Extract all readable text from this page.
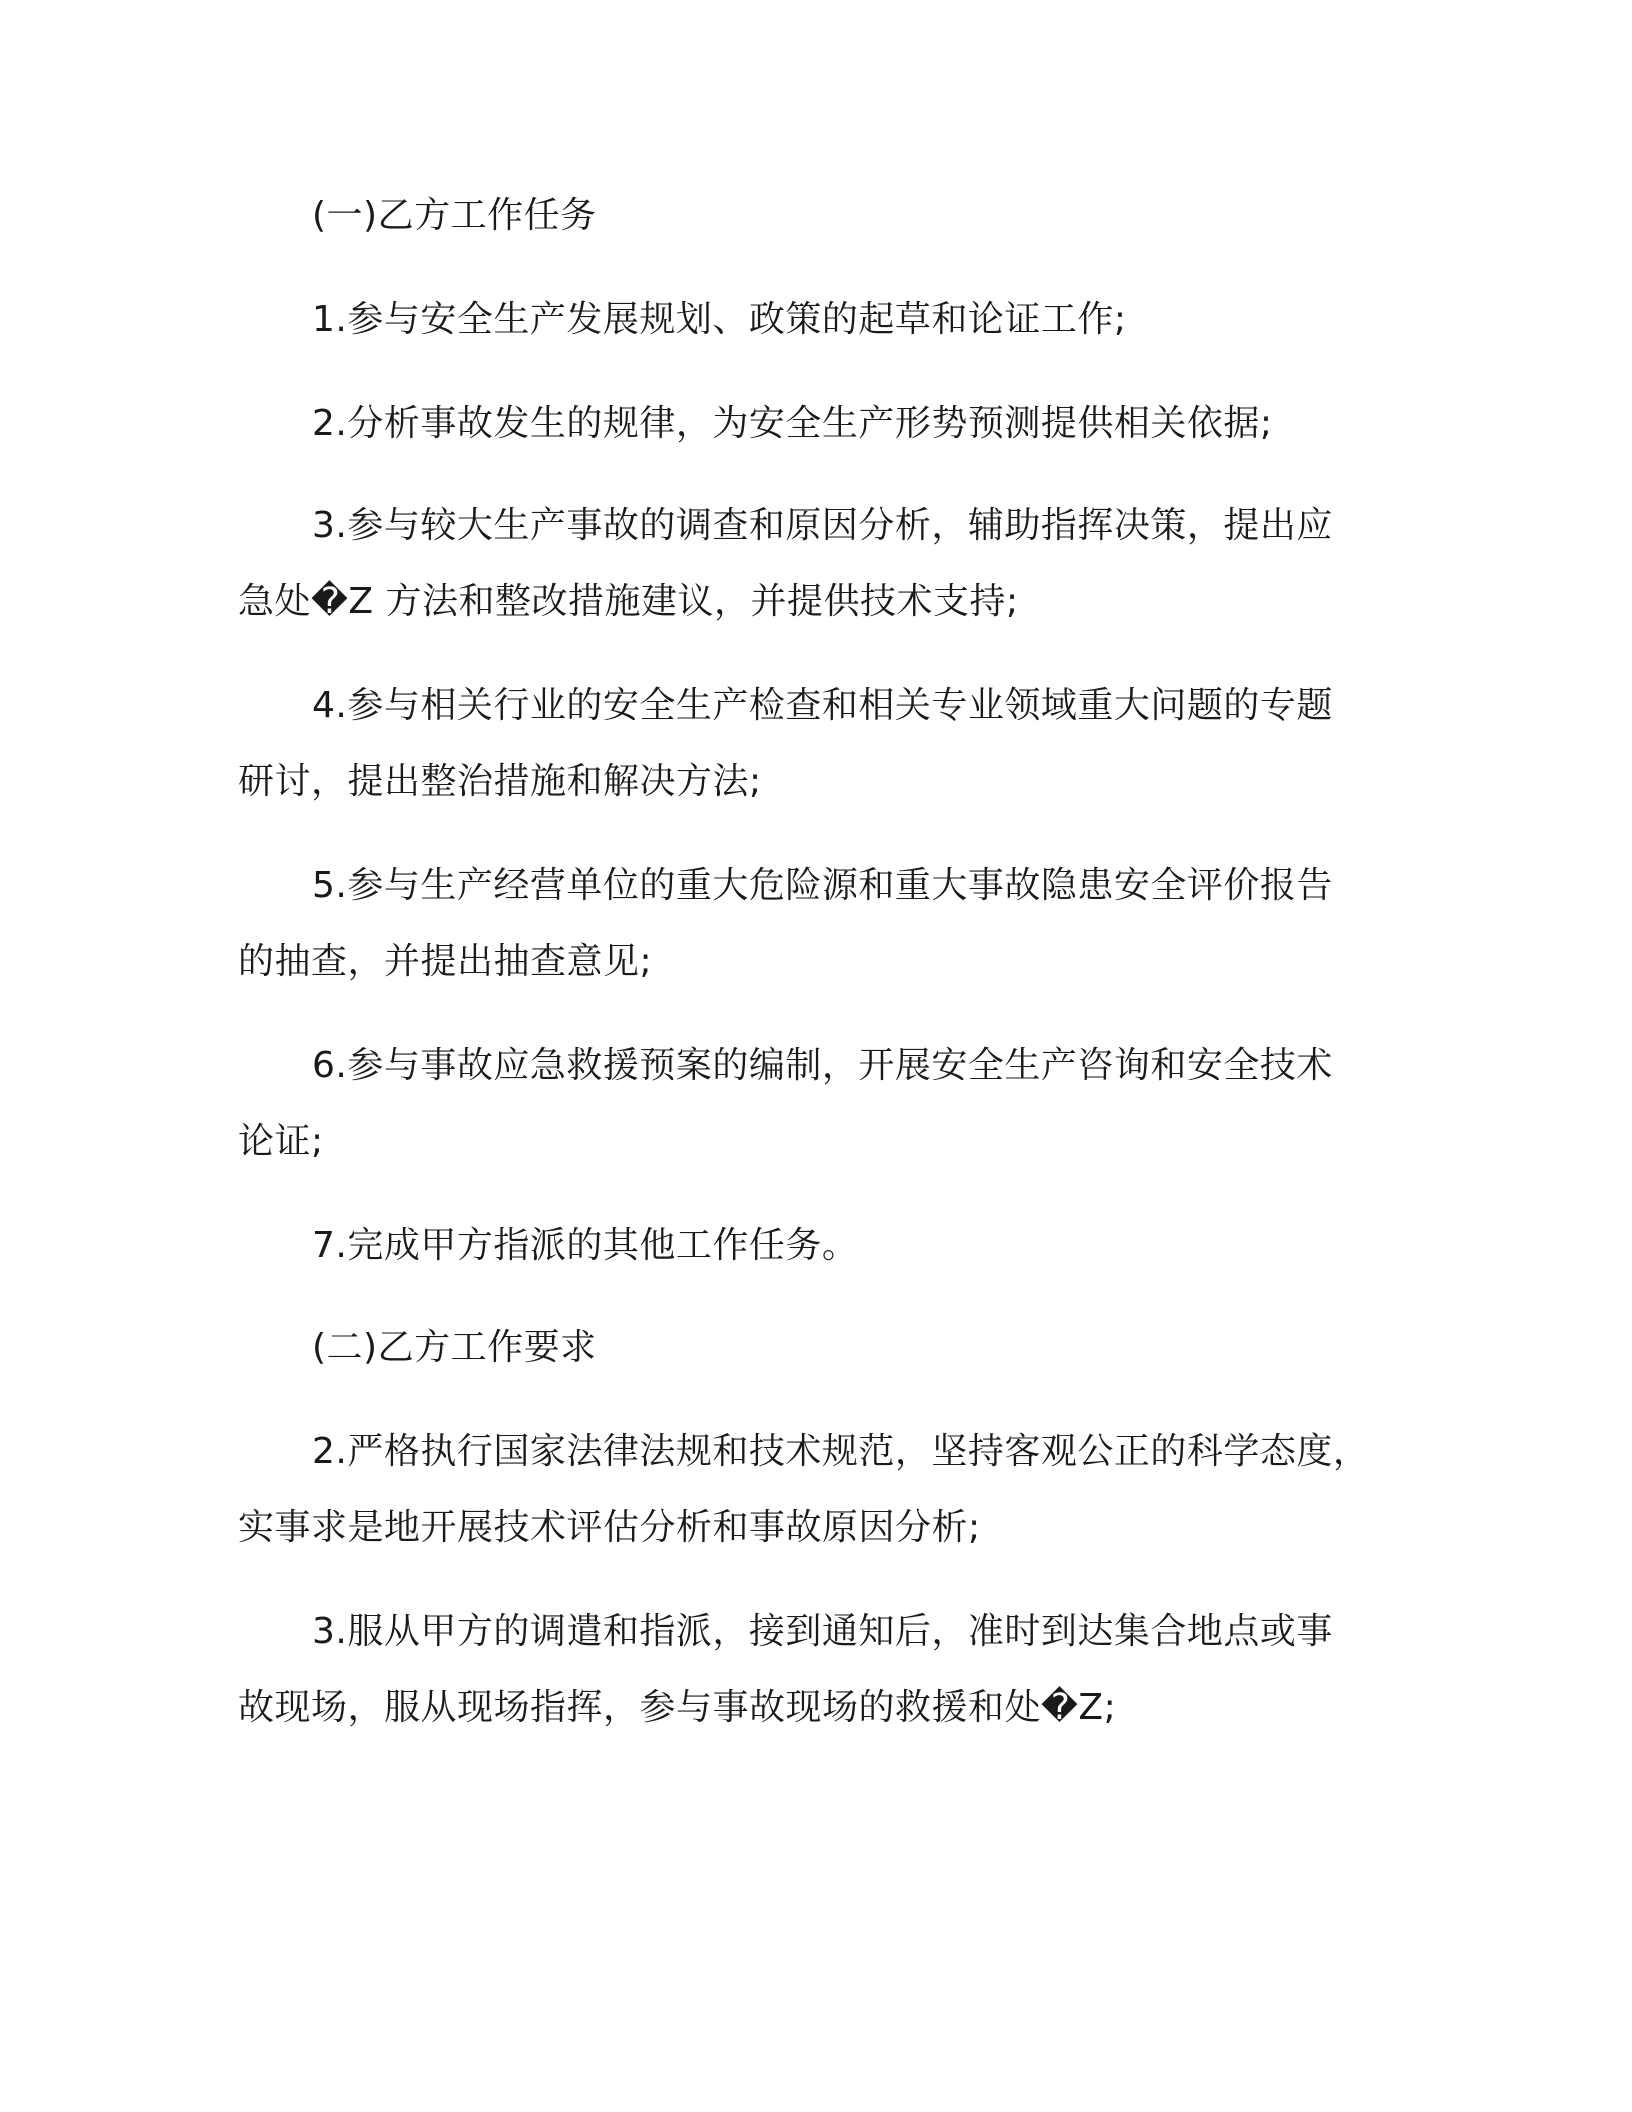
(一)乙方工作任务
1.参与安全生产发展规划、政策的起草和论证工作;
2.分析事故发生的规律，为安全生产形势预测提供相关依据;
3.参与较大生产事故的调查和原因分析，辅助指挥决策，提出应
急处�Z 方法和整改措施建议，并提供技术支持;
4.参与相关行业的安全生产检查和相关专业领域重大问题的专题
研讨，提出整治措施和解决方法;
5.参与生产经营单位的重大危险源和重大事故隐患安全评价报告
的抽查，并提出抽查意见;
6.参与事故应急救援预案的编制，开展安全生产咨询和安全技术
论证;
7.完成甲方指派的其他工作任务。
(二)乙方工作要求
2.严格执行国家法律法规和技术规范，坚持客观公正的科学态度，
实事求是地开展技术评估分析和事故原因分析;
3.服从甲方的调遣和指派，接到通知后，准时到达集合地点或事
故现场，服从现场指挥，参与事故现场的救援和处�Z;
